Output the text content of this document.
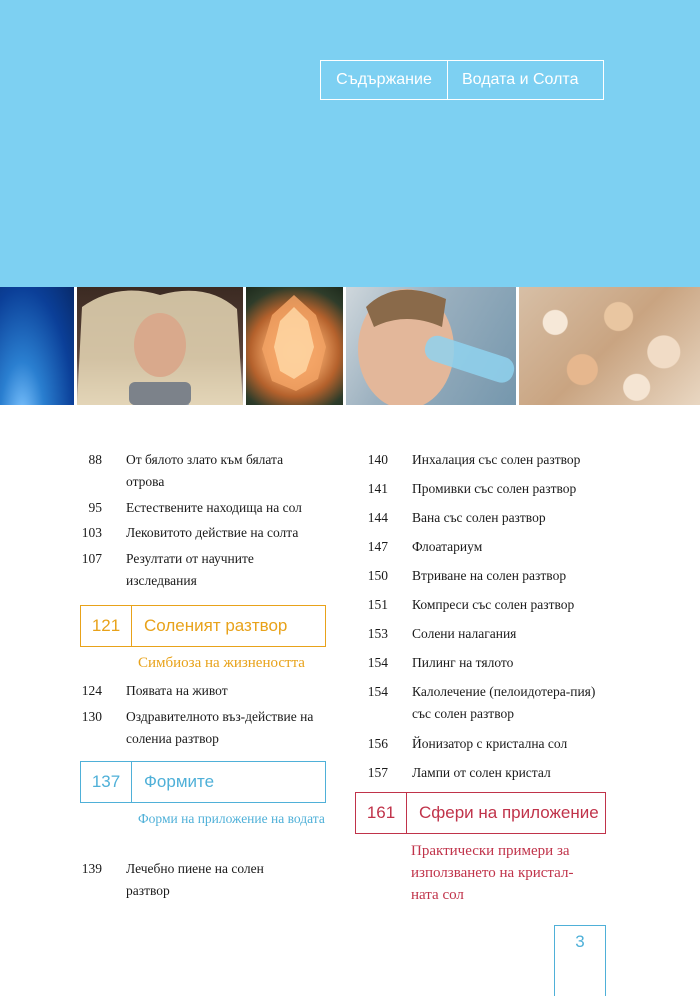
Съдържание	Водата и Солта
88 От бялото злато към бялата отрова
95 Естествените находища на сол
103 Лековитото действие на солта
107 Резултати от научните изследвания
121	Соленият разтвор
Симбиоза на жизнеността
124 Появата на живот
130 Оздравителното въз-действие на солениа разтвор
137	Формите
Форми на приложение на водата
139 Лечебно пиене на солен разтвор
140 Инхалация със солен разтвор
141 Промивки със солен разтвор
144 Вана със солен разтвор
147 Флоатариум
150 Втриване на солен разтвор
151 Компреси със солен разтвор
153 Солени налагания
154 Пилинг на тялото
154 Калолечение (пелоидотера-пия) със солен разтвор
156 Йонизатор с кристална сол
157 Лампи от солен кристал
161	Сфери на приложение
Практически примери за използването на кристал-ната сол
3
